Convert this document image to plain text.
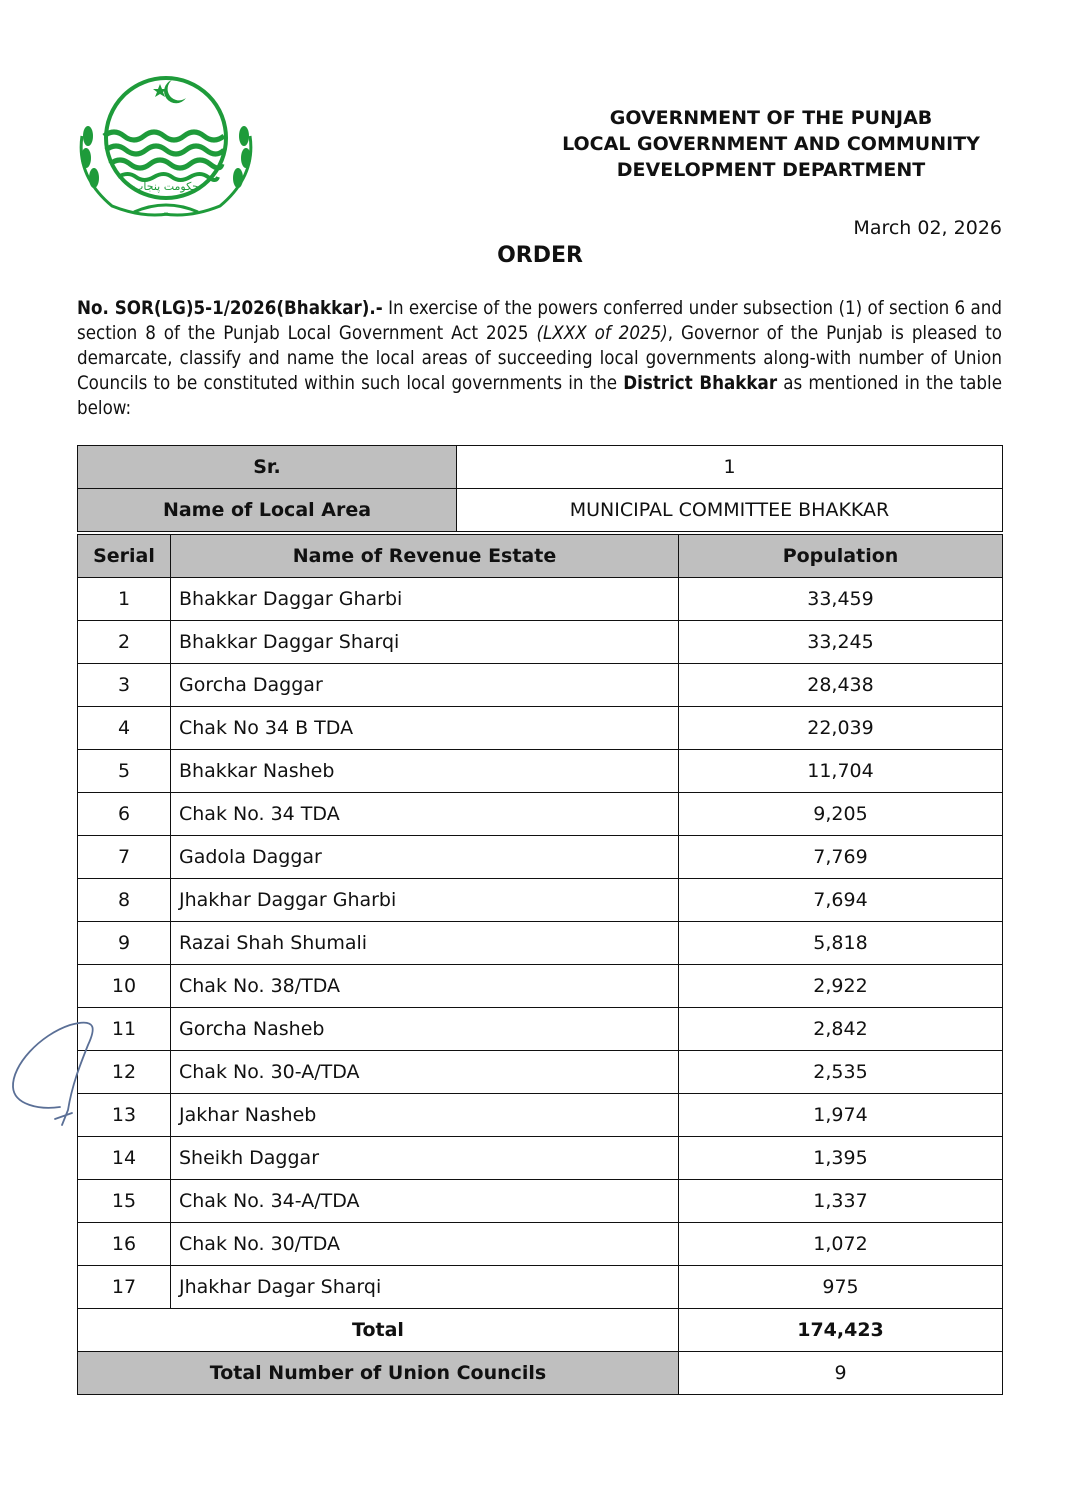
حکومت پنجاب
GOVERNMENT OF THE PUNJAB
LOCAL GOVERNMENT AND COMMUNITY
DEVELOPMENT DEPARTMENT
March 02, 2026
ORDER
No. SOR(LG)5-1/2026(Bhakkar).- In exercise of the powers conferred under subsection (1) of section 6 and section 8 of the Punjab Local Government Act 2025 (LXXX of 2025), Governor of the Punjab is pleased to demarcate, classify and name the local areas of succeeding local governments along-with number of Union Councils to be constituted within such local governments in the District Bhakkar as mentioned in the table below:
Sr.	1
Name of Local Area	MUNICIPAL COMMITTEE BHAKKAR
Serial	Name of Revenue Estate	Population
1	Bhakkar Daggar Gharbi	33,459
2	Bhakkar Daggar Sharqi	33,245
3	Gorcha Daggar	28,438
4	Chak No 34 B TDA	22,039
5	Bhakkar Nasheb	11,704
6	Chak No. 34 TDA	9,205
7	Gadola Daggar	7,769
8	Jhakhar Daggar Gharbi	7,694
9	Razai Shah Shumali	5,818
10	Chak No. 38/TDA	2,922
11	Gorcha Nasheb	2,842
12	Chak No. 30-A/TDA	2,535
13	Jakhar Nasheb	1,974
14	Sheikh Daggar	1,395
15	Chak No. 34-A/TDA	1,337
16	Chak No. 30/TDA	1,072
17	Jhakhar Dagar Sharqi	975
Total		174,423
Total Number of Union Councils		9
